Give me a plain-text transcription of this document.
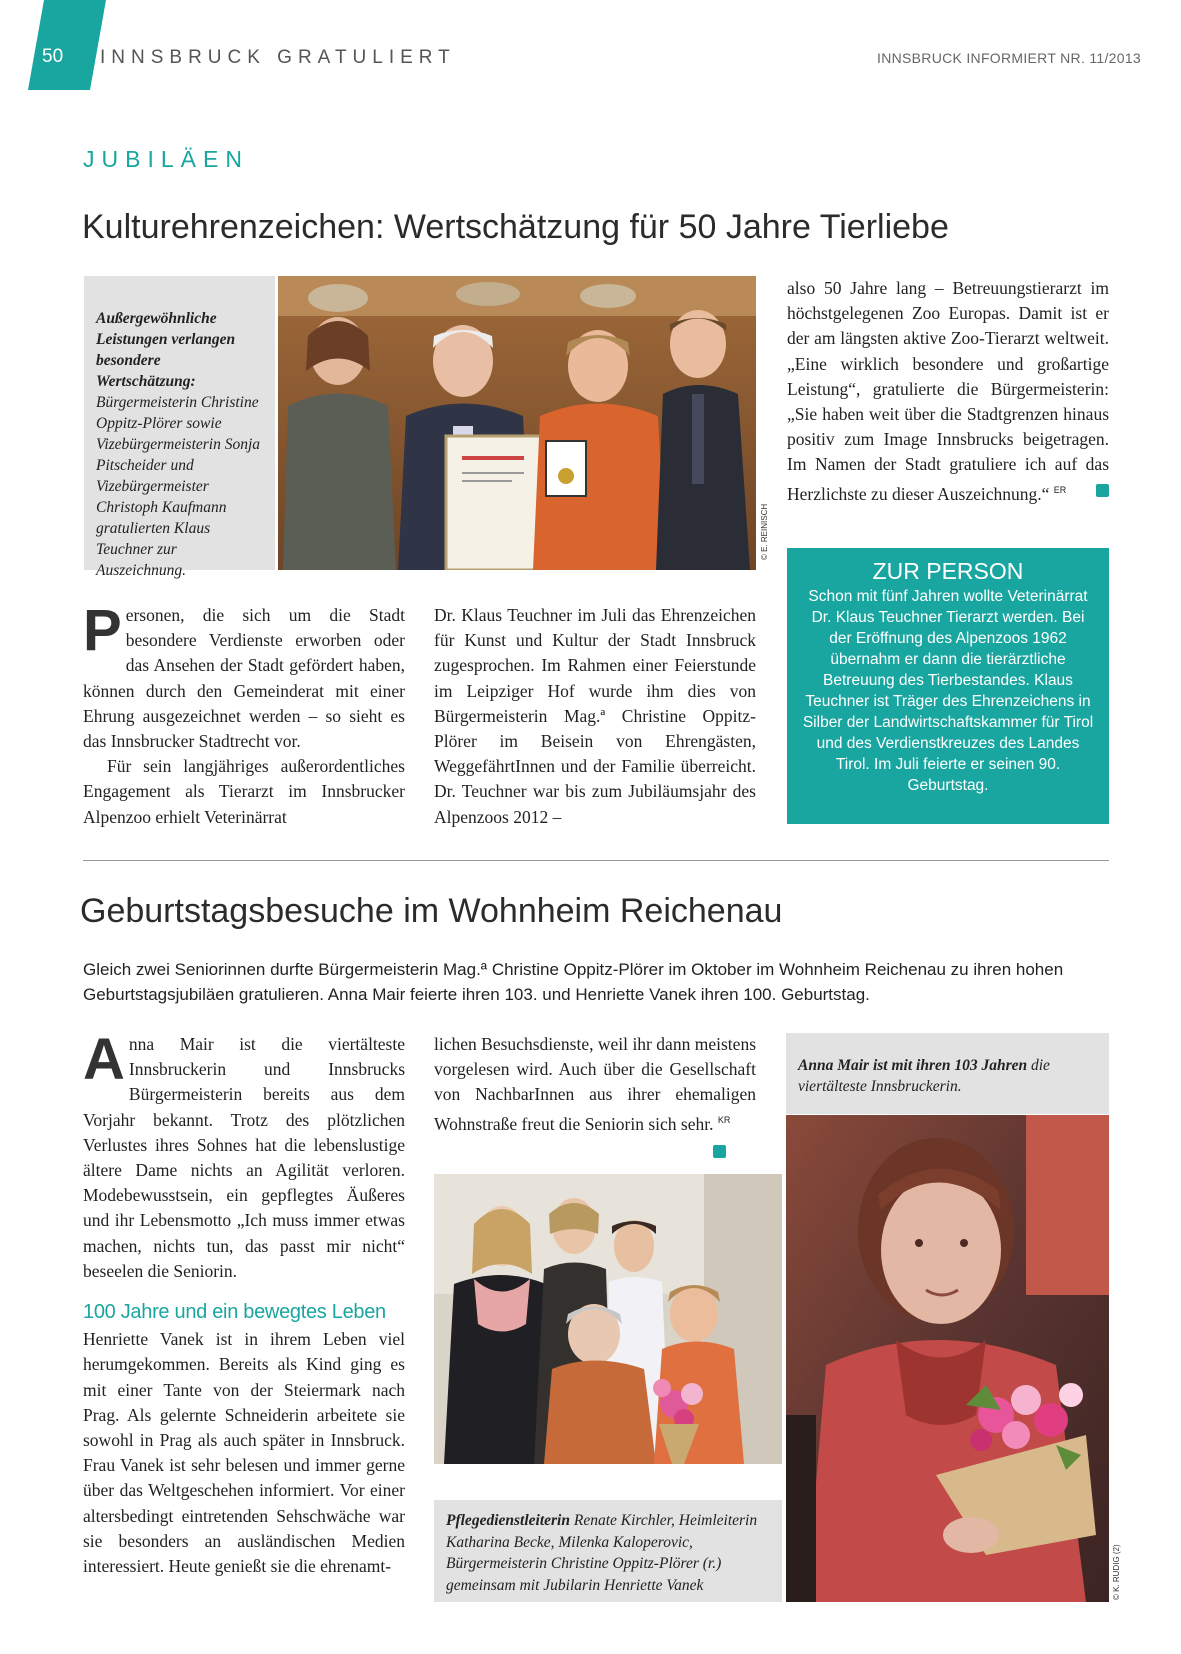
50	INNSBRUCK GRATULIERT	INNSBRUCK INFORMIERT NR. 11/2013
JUBILÄEN
Kulturehrenzeichen: Wertschätzung für 50 Jahre Tierliebe
Außergewöhnliche Leistungen verlangen besondere Wertschätzung: Bürgermeisterin Christine Oppitz-Plörer sowie Vizebürgermeisterin Sonja Pitscheider und Vizebürgermeister Christoph Kaufmann gratulierten Klaus Teuchner zur Auszeichnung.
© E. REINISCH

also 50 Jahre lang – Betreuungstierarzt im höchstgelegenen Zoo Europas. Damit ist er der am längsten aktive Zoo-Tierarzt weltweit. „Eine wirklich besondere und großartige Leistung“, gratulierte die Bürgermeisterin: „Sie haben weit über die Stadtgrenzen hinaus positiv zum Image Innsbrucks beigetragen. Im Namen der Stadt gratuliere ich auf das Herzlichste zu dieser Auszeichnung.“ $^{ER}$

ZUR PERSON
Schon mit fünf Jahren wollte Veterinärrat Dr. Klaus Teuchner Tierarzt werden. Bei der Eröffnung des Alpenzoos 1962 übernahm er dann die tierärztliche Betreuung des Tierbestandes. Klaus Teuchner ist Träger des Ehrenzeichens in Silber der Landwirtschaftskammer für Tirol und des Verdienstkreuzes des Landes Tirol. Im Juli feierte er seinen 90. Geburtstag.

Personen, die sich um die Stadt besondere Verdienste erworben oder das Ansehen der Stadt gefördert haben, können durch den Gemeinderat mit einer Ehrung ausgezeichnet werden – so sieht es das Innsbrucker Stadtrecht vor.

Für sein langjähriges außerordentliches Engagement als Tierarzt im Innsbrucker Alpenzoo erhielt Veterinärrat

Dr. Klaus Teuchner im Juli das Ehrenzeichen für Kunst und Kultur der Stadt Innsbruck zugesprochen. Im Rahmen einer Feierstunde im Leipziger Hof wurde ihm dies von Bürgermeisterin Mag.ª Christine Oppitz-Plörer im Beisein von Ehrengästen, WeggefährtInnen und der Familie überreicht. Dr. Teuchner war bis zum Jubiläumsjahr des Alpenzoos 2012 –

Geburtstagsbesuche im Wohnheim Reichenau
Gleich zwei Seniorinnen durfte Bürgermeisterin Mag.ª Christine Oppitz-Plörer im Oktober im Wohnheim Reichenau zu ihren hohen Geburtstagsjubiläen gratulieren. Anna Mair feierte ihren 103. und Henriette Vanek ihren 100. Geburtstag.

Anna Mair ist die viertälteste Innsbruckerin und Innsbrucks Bürgermeisterin bereits aus dem Vorjahr bekannt. Trotz des plötzlichen Verlustes ihres Sohnes hat die lebenslustige ältere Dame nichts an Agilität verloren. Modebewusstsein, ein gepflegtes Äußeres und ihr Lebensmotto „Ich muss immer etwas machen, nichts tun, das passt mir nicht“ beseelen die Seniorin.

100 Jahre und ein bewegtes Leben

Henriette Vanek ist in ihrem Leben viel herumgekommen. Bereits als Kind ging es mit einer Tante von der Steiermark nach Prag. Als gelernte Schneiderin arbeitete sie sowohl in Prag als auch später in Innsbruck. Frau Vanek ist sehr belesen und immer gerne über das Weltgeschehen informiert. Vor einer altersbedingt eintretenden Sehschwäche war sie besonders an ausländischen Medien interessiert. Heute genießt sie die ehrenamt-

lichen Besuchsdienste, weil ihr dann meistens vorgelesen wird. Auch über die Gesellschaft von NachbarInnen aus ihrer ehemaligen Wohnstraße freut die Seniorin sich sehr. $^{KR}$

Pflegedienstleiterin Renate Kirchler, Heimleiterin Katharina Becke, Milenka Kaloperovic, Bürgermeisterin Christine Oppitz-Plörer (r.) gemeinsam mit Jubilarin Henriette Vanek
Anna Mair ist mit ihren 103 Jahren die viertälteste Innsbruckerin.
© K. RUDIG (2)
